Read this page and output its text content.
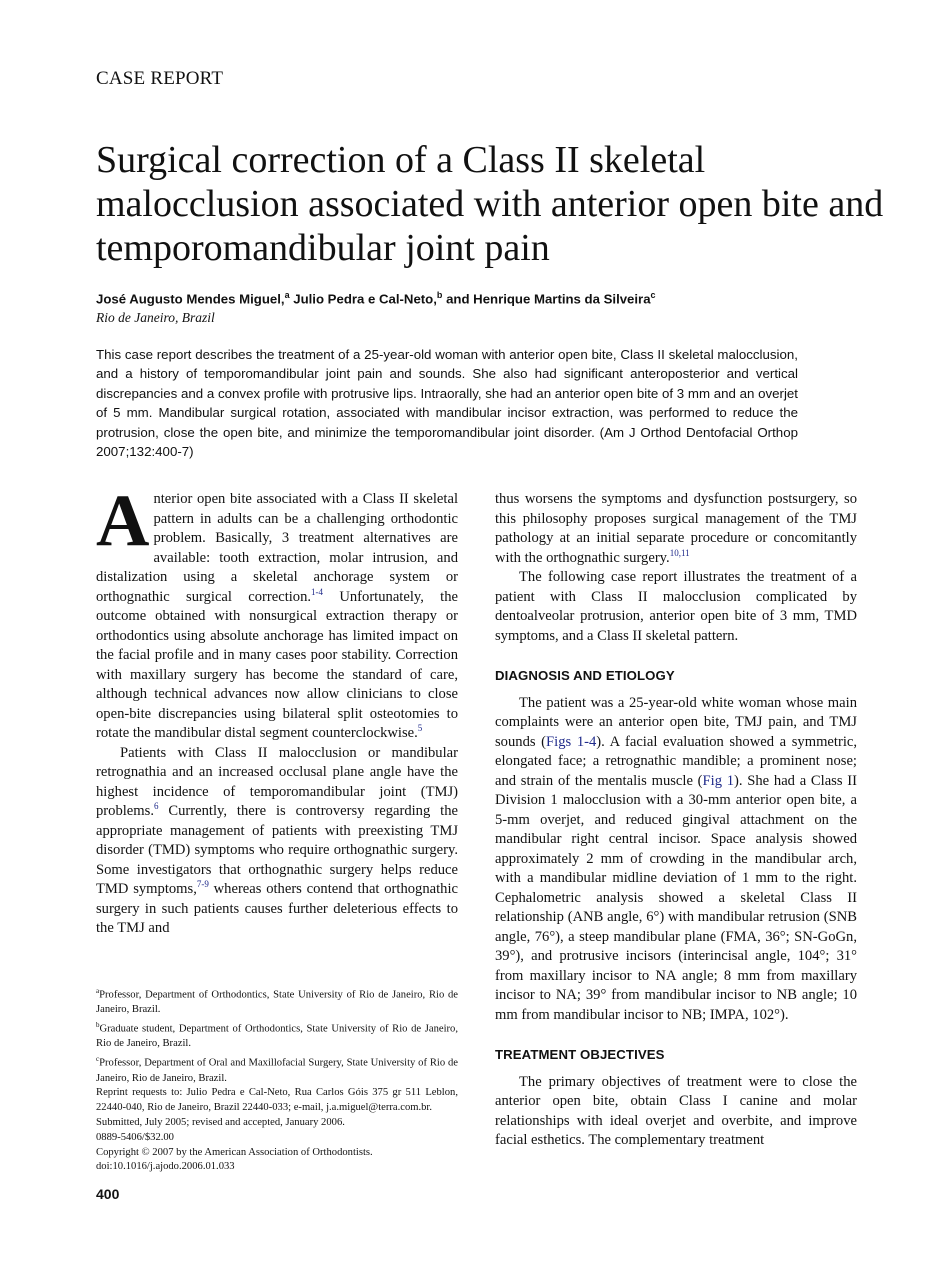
CASE REPORT
Surgical correction of a Class II skeletal malocclusion associated with anterior open bite and temporomandibular joint pain
José Augusto Mendes Miguel,$^a$ Julio Pedra e Cal-Neto,$^b$ and Henrique Martins da Silveira$^c$
Rio de Janeiro, Brazil

This case report describes the treatment of a 25-year-old woman with anterior open bite, Class II skeletal malocclusion, and a history of temporomandibular joint pain and sounds. She also had significant anteroposterior and vertical discrepancies and a convex profile with protrusive lips. Intraorally, she had an anterior open bite of 3 mm and an overjet of 5 mm. Mandibular surgical rotation, associated with mandibular incisor extraction, was performed to reduce the protrusion, close the open bite, and minimize the temporomandibular joint disorder. (Am J Orthod Dentofacial Orthop 2007;132:400-7)

Anterior open bite associated with a Class II skeletal pattern in adults can be a challenging orthodontic problem. Basically, 3 treatment alternatives are available: tooth extraction, molar intrusion, and distalization using a skeletal anchorage system or orthognathic surgical correction.$^{1-4}$ Unfortunately, the outcome obtained with nonsurgical extraction therapy or orthodontics using absolute anchorage has limited impact on the facial profile and in many cases poor stability. Correction with maxillary surgery has become the standard of care, although technical advances now allow clinicians to close open-bite discrepancies using bilateral split osteotomies to rotate the mandibular distal segment counterclockwise.$^5$

Patients with Class II malocclusion or mandibular retrognathia and an increased occlusal plane angle have the highest incidence of temporomandibular joint (TMJ) problems.$^6$ Currently, there is controversy regarding the appropriate management of patients with preexisting TMJ disorder (TMD) symptoms who require orthognathic surgery. Some investigators that orthognathic surgery helps reduce TMD symptoms,$^{7-9}$ whereas others contend that orthognathic surgery in such patients causes further deleterious effects to the TMJ and

thus worsens the symptoms and dysfunction postsurgery, so this philosophy proposes surgical management of the TMJ pathology at an initial separate procedure or concomitantly with the orthognathic surgery.$^{10,11}$

The following case report illustrates the treatment of a patient with Class II malocclusion complicated by dentoalveolar protrusion, anterior open bite of 3 mm, TMD symptoms, and a Class II skeletal pattern.

DIAGNOSIS AND ETIOLOGY

The patient was a 25-year-old white woman whose main complaints were an anterior open bite, TMJ pain, and TMJ sounds (Figs 1-4). A facial evaluation showed a symmetric, elongated face; a retrognathic mandible; a prominent nose; and strain of the mentalis muscle (Fig 1). She had a Class II Division 1 malocclusion with a 30-mm anterior open bite, a 5-mm overjet, and reduced gingival attachment on the mandibular right central incisor. Space analysis showed approximately 2 mm of crowding in the mandibular arch, with a mandibular midline deviation of 1 mm to the right. Cephalometric analysis showed a skeletal Class II relationship (ANB angle, 6°) with mandibular retrusion (SNB angle, 76°), a steep mandibular plane (FMA, 36°; SN-GoGn, 39°), and protrusive incisors (interincisal angle, 104°; 31° from maxillary incisor to NA angle; 8 mm from maxillary incisor to NA; 39° from mandibular incisor to NB angle; 10 mm from mandibular incisor to NB; IMPA, 102°).

TREATMENT OBJECTIVES

The primary objectives of treatment were to close the anterior open bite, obtain Class I canine and molar relationships with ideal overjet and overbite, and improve facial esthetics. The complementary treatment

$^a$Professor, Department of Orthodontics, State University of Rio de Janeiro, Rio de Janeiro, Brazil.

$^b$Graduate student, Department of Orthodontics, State University of Rio de Janeiro, Rio de Janeiro, Brazil.

$^c$Professor, Department of Oral and Maxillofacial Surgery, State University of Rio de Janeiro, Rio de Janeiro, Brazil.

Reprint requests to: Julio Pedra e Cal-Neto, Rua Carlos Góis 375 gr 511 Leblon, 22440-040, Rio de Janeiro, Brazil 22440-033; e-mail, j.a.miguel@terra.com.br.

Submitted, July 2005; revised and accepted, January 2006.

0889-5406/$32.00

Copyright © 2007 by the American Association of Orthodontists.

doi:10.1016/j.ajodo.2006.01.033

400
